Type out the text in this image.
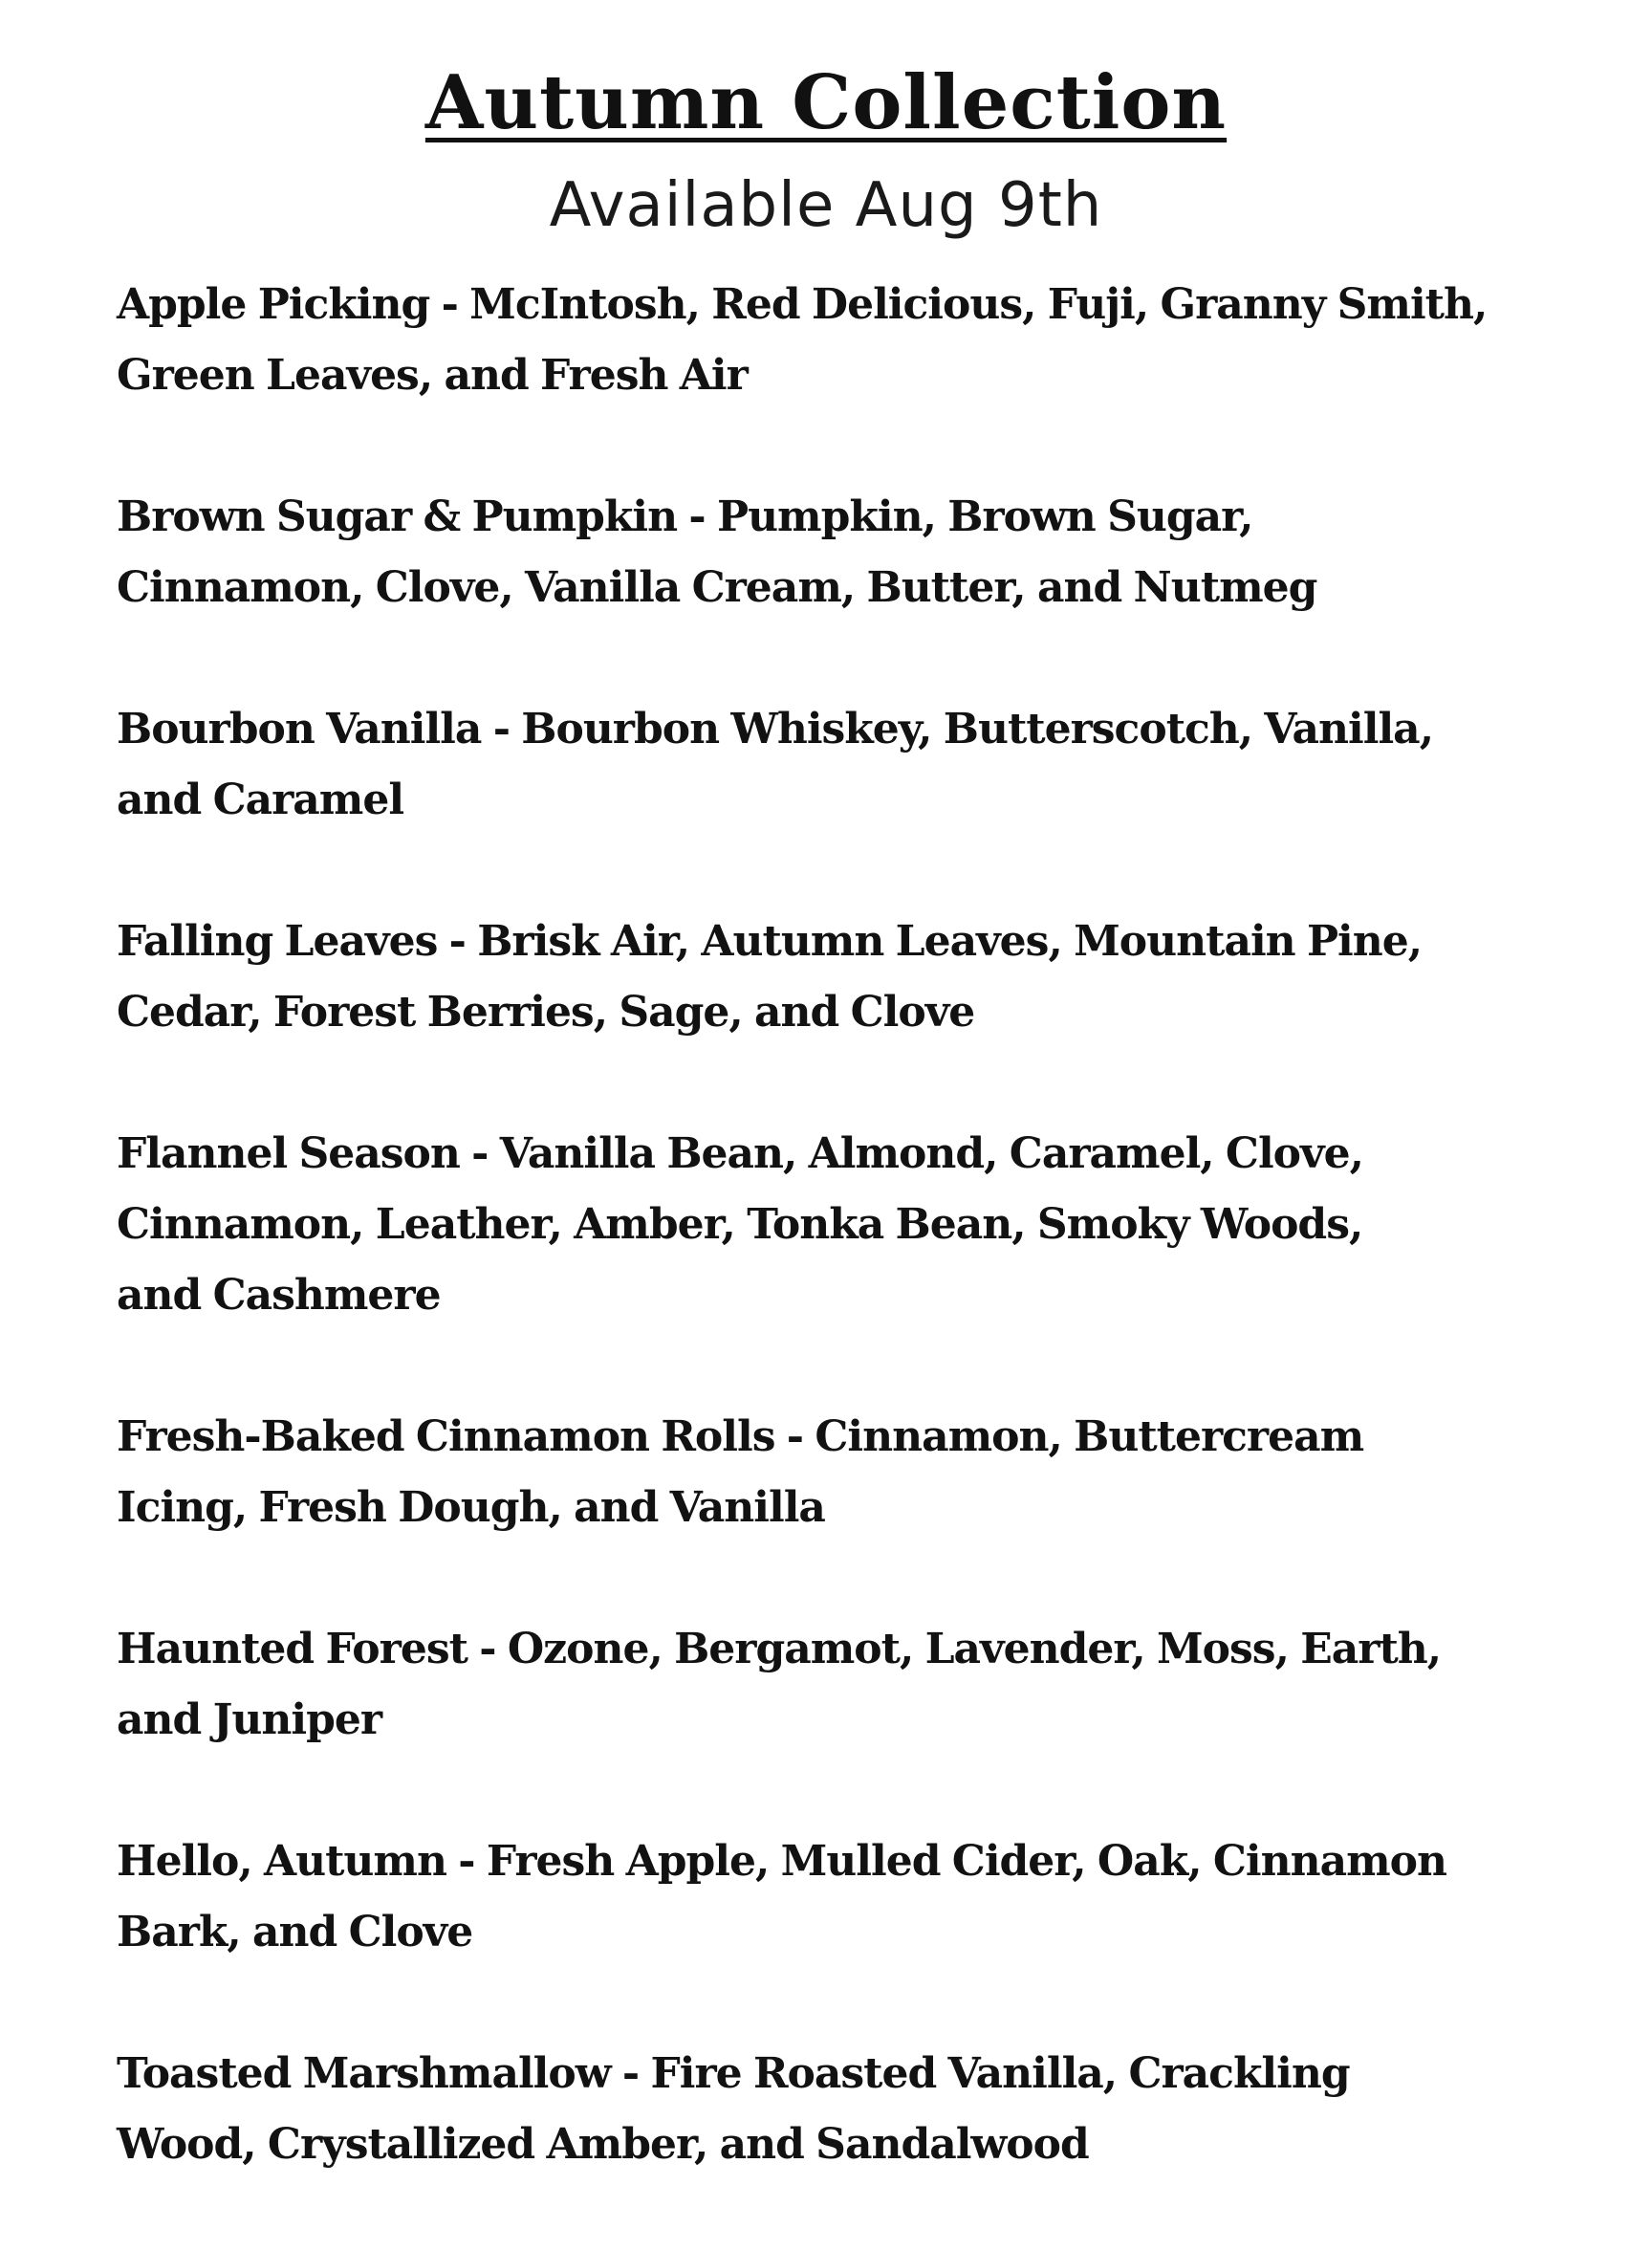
Autumn Collection
Available Aug 9th
Apple Picking - McIntosh, Red Delicious, Fuji, Granny Smith,
Green Leaves, and Fresh Air
Brown Sugar & Pumpkin - Pumpkin, Brown Sugar,
Cinnamon, Clove, Vanilla Cream, Butter, and Nutmeg
Bourbon Vanilla - Bourbon Whiskey, Butterscotch, Vanilla,
and Caramel
Falling Leaves - Brisk Air, Autumn Leaves, Mountain Pine,
Cedar, Forest Berries, Sage, and Clove
Flannel Season - Vanilla Bean, Almond, Caramel, Clove,
Cinnamon, Leather, Amber, Tonka Bean, Smoky Woods,
and Cashmere
Fresh-Baked Cinnamon Rolls - Cinnamon, Buttercream
Icing, Fresh Dough, and Vanilla
Haunted Forest - Ozone, Bergamot, Lavender, Moss, Earth,
and Juniper
Hello, Autumn - Fresh Apple, Mulled Cider, Oak, Cinnamon
Bark, and Clove
Toasted Marshmallow - Fire Roasted Vanilla, Crackling
Wood, Crystallized Amber, and Sandalwood
